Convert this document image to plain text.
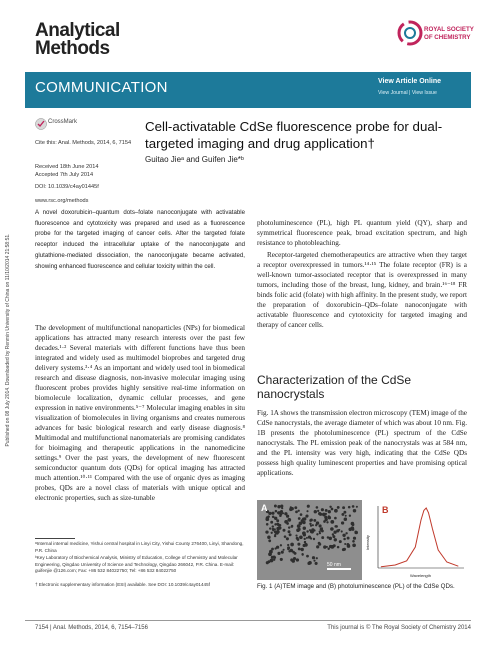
Analytical
Methods
ROYAL SOCIETY
OF CHEMISTRY
COMMUNICATION	View Article Online
View Journal | View Issue
Published on 08 July 2014. Downloaded by Renmin University of China on 11/10/2014 21:58:51.
CrossMark	Cell-activatable CdSe fluorescence probe for dual-targeted imaging and drug application†
Guitao Jieᵃ and Guifen Jie*ᵇ
Cite this: Anal. Methods, 2014, 6, 7154
Received 18th June 2014
Accepted 7th July 2014
DOI: 10.1039/c4ay01445f
www.rsc.org/methods
A novel doxorubicin–quantum dots–folate nanoconjugate with activatable fluorescence and cytotoxicity was prepared and used as a fluorescence probe for the targeted imaging of cancer cells. After the targeted folate receptor induced the intracellular uptake of the nanoconjugate and glutathione-mediated dissociation, the nanoconjugate became activated, showing enhanced fluorescence and cellular toxicity within the cell.
The development of multifunctional nanoparticles (NPs) for biomedical applications has attracted many research interests over the past few decades.¹·² Several materials with different functions have thus been integrated and widely used as multimodel bioprobes and targeted drug delivery systems.³·⁴ As an important and widely used tool in biomedical research and disease diagnosis, non-invasive molecular imaging using fluorescent probes provides highly sensitive real-time information on biomolecule localization, dynamic cellular processes, and gene expression in native environments.⁵⁻⁷ Molecular imaging enables in situ visualization of biomolecules in living organisms and creates numerous advances for basic biological research and early disease diagnosis.⁸ Multimodal and multifunctional nanomaterials are promising candidates for bioimaging and therapeutic applications in the nanomedicine settings.⁹ Over the past years, the development of new fluorescent semiconductor quantum dots (QDs) for optical imaging has attracted much attention.¹⁰·¹¹ Compared with the use of organic dyes as imaging probes, QDs are a novel class of materials with unique optical and electronic properties, such as size-tunable
ᵃInternal internal medicine, Yishui central hospital in Linyi City, Yishui County 276400, Linyi, Shandong, P.R. China
ᵇKey Laboratory of Biochemical Analysis, Ministry of Education, College of Chemistry and Molecular Engineering, Qingdao University of Science and Technology, Qingdao 266042, P.R. China. E-mail: guifenjie @126.com; Fax: +86 532 84022750; Tel: +86 532 84022750
† Electronic supplementary information (ESI) available. See DOI: 10.1039/c4ay01445f
photoluminescence (PL), high PL quantum yield (QY), sharp and symmetrical fluorescence peak, broad excitation spectrum, and high resistance to photobleaching.
Receptor-targeted chemotherapeutics are attractive when they target a receptor overexpressed in tumors.¹⁴·¹⁵ The folate receptor (FR) is a well-known tumor-associated receptor that is overexpressed in many tumors, including those of the breast, lung, kidney, and brain.¹⁶⁻¹⁸ FR binds folic acid (folate) with high affinity. In the present study, we report the preparation of doxorubicin–QDs–folate nanoconjugate with activatable fluorescence and cytotoxicity for targeted imaging and therapy of cancer cells.
Characterization of the CdSe nanocrystals
Fig. 1A shows the transmission electron microscopy (TEM) image of the CdSe nanocrystals, the average diameter of which was about 10 nm. Fig. 1B presents the photoluminescence (PL) spectrum of the CdSe nanocrystals. The PL emission peak of the nanocrystals was at 584 nm, and the PL intensity was very high, indicating that the CdSe QDs possess high quality luminescent properties and have promising optical applications.
A
50 nm
B
Wavelength
Intensity
Fig. 1 (A)TEM image and (B) photoluminescence (PL) of the CdSe QDs.
7154 | Anal. Methods, 2014, 6, 7154–7156	This journal is © The Royal Society of Chemistry 2014
